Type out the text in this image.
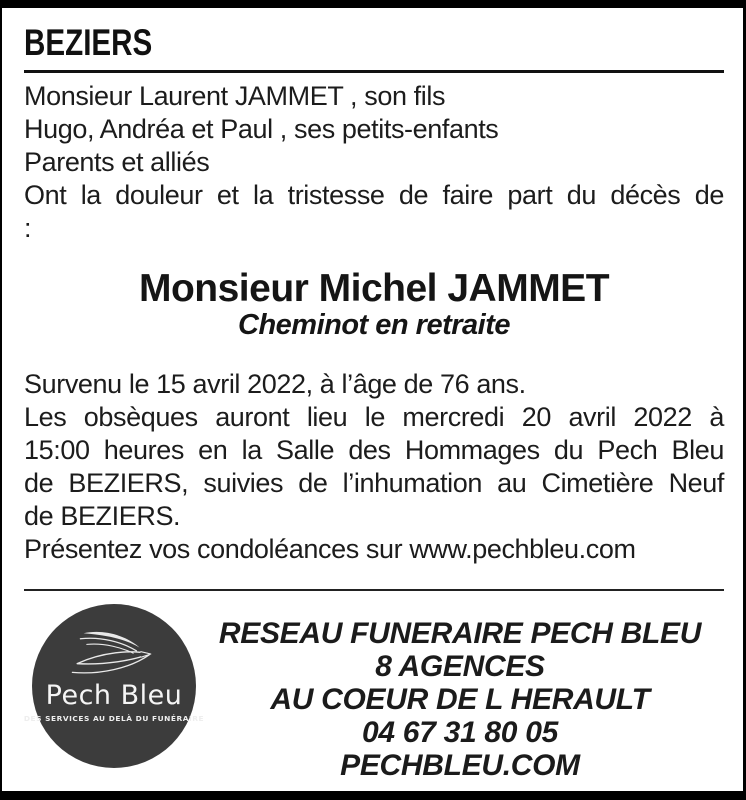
BEZIERS
Monsieur Laurent JAMMET , son fils
Hugo, Andréa et Paul , ses petits-enfants
Parents et alliés
Ont la douleur et la tristesse de faire part du décès de
:
Monsieur Michel JAMMET
Cheminot en retraite
Survenu le 15 avril 2022, à l’âge de 76 ans.
Les obsèques auront lieu le mercredi 20 avril 2022 à
15:00 heures en la Salle des Hommages du Pech Bleu
de BEZIERS, suivies de l’inhumation au Cimetière Neuf
de BEZIERS.
Présentez vos condoléances sur www.pechbleu.com
Pech Bleu
DES SERVICES AU DELÀ DU FUNÉRAIRE
RESEAU FUNERAIRE PECH BLEU
8 AGENCES
AU COEUR DE L HERAULT
04 67 31 80 05
PECHBLEU.COM
